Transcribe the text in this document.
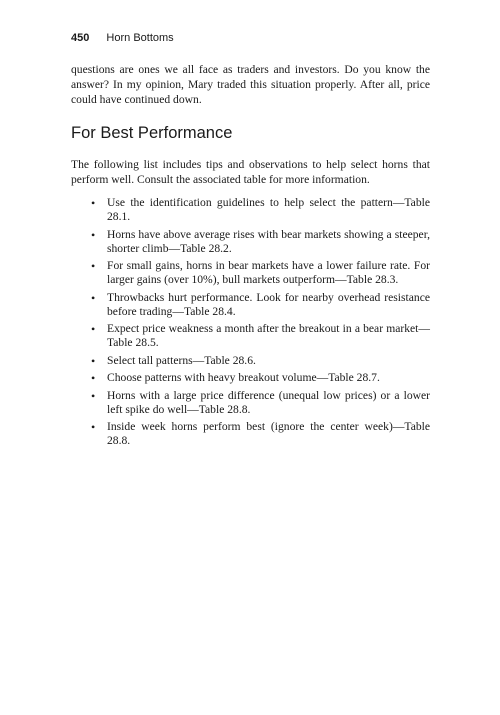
450 Horn Bottoms

questions are ones we all face as traders and investors. Do you know the answer? In my opinion, Mary traded this situation properly. After all, price could have continued down.

For Best Performance

The following list includes tips and observations to help select horns that perform well. Consult the associated table for more information.

• Use the identification guidelines to help select the pattern—Table 28.1.
• Horns have above average rises with bear markets showing a steeper, shorter climb—Table 28.2.
• For small gains, horns in bear markets have a lower failure rate. For larger gains (over 10%), bull markets outperform—Table 28.3.
• Throwbacks hurt performance. Look for nearby overhead resistance before trading—Table 28.4.
• Expect price weakness a month after the breakout in a bear market—Table 28.5.
• Select tall patterns—Table 28.6.
• Choose patterns with heavy breakout volume—Table 28.7.
• Horns with a large price difference (unequal low prices) or a lower left spike do well—Table 28.8.
• Inside week horns perform best (ignore the center week)—Table 28.8.
